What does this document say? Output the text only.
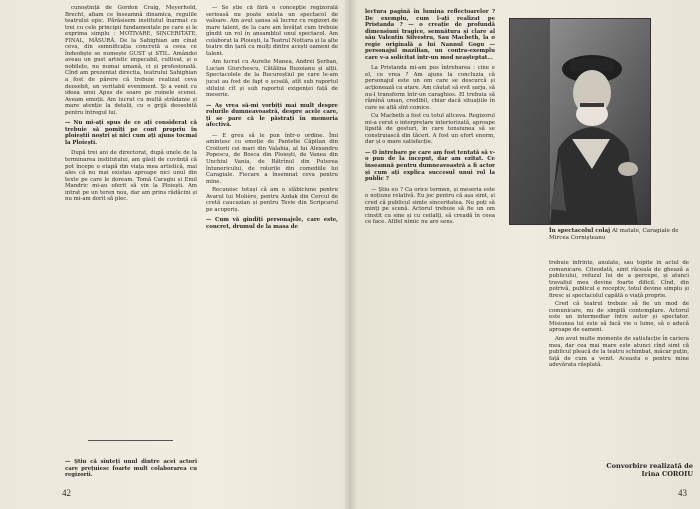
cunoștință de Gordon Craig, Meyerhold, Brecht, afiam ce înseamnă dinamica, regulile teatrului epic. Părăsisem institutul înarmat cu trei cu cele principii fundamentale pe care și le exprima simplu : MOTIVARE, SINCERITATE, FINAL, MĂSURĂ. De la Sahighian am cinat ceva, din semnificația concretă a ceea ce îndeobște se numește GUST și STIL. Amândoi aveau un gust artistic impecabil, cultivat, și o nobilețe, nu numai umană, ci și profesională. Cînd am prezentat directia, teatrului Sahighian a fost de părere că trebuie realizat ceva deosebit, un veritabil eveniment. Și a venit cu ideea unui Apus de soare pe ruinele scenei. Aveam emoții. Am lucrat cu multă strădanie și mare atenție la detalii, cu o grijă deosebită pentru întregul lui.

— Nu mi-ați spus de ce ați considerat că trebuie să pomiți pe cont propriu în ploieștii noștri și nici cum ați ajuns tocmai la Ploiești.

După trei ani de directorat, după unele de la terminarea institutului, am găsit de cuviință că pot începe o etapă din viața mea artistică, mai ales că nu mai existau aproape nici unul din texte pe care le doream. Tomă Caragiu și Emil Mandric mi-au oferit să vin la Ploiești. Am intrat pe un teren nou, dar am prins rădăcini și nu mi-am dorit să plec.

— Știu că sînteți unul dintre acei actori care prețuiesc foarte mult colaborarea cu regizorii.

— Se știe că fără o concepție regizorală serioasă nu poate exista un spectacol de valoare. Am avut șansa să lucrez cu regizori de mare talent, de la care am învățat cum trebuie gîndit un rol în ansamblul unui spectacol. Am colaborat la Ploiești, la Teatrul Nottara și la alte teatre din țară cu mulți dintre acești oameni de talent.

Am lucrat cu Aurelie Manea, Andrei Șerban, Lucian Giurchescu, Cătălina Buzoianu și alții. Spectacolele de la Bucureștiul pe care le-am jucat au fost de fapt o școală, atît sub raportul stilului cît și sub raportul exigenței față de meserie.

— Aș vrea să-mi vorbiți mai mult despre rolurile dumneavoastră, despre acele care, ți se pare că le păstrați în memoria afectivă.

— E greu să le pun într-o ordine. Îmi amintesc cu emoție de Pantelie Căpitan din Croitorii cei mari din Valahia, al lui Alexandru Popescu, de Bosca din Ploiești, de Vanea din Unchiul Vania, de Bătrînul din Puterea întunericului, de rolurile din comediile lui Caragiale. Fiecare a însemnat ceva pentru mine.

Recunosc totuși că am o slăbiciune pentru Avarul lui Molière, pentru Azdak din Cercul de cretă caucazian și pentru Tevie din Scripcarul pe acoperiș.

— Cum vă gîndiți personajele, care este, concret, drumul de la masa de

42

lectura pagină în lumina reflectoarelor ? De exemplu, cum l-ați realizat pe Pristanda ? — o creație de profundă dimensiuni tragice, semnătura și clare al său Valentin Silvestru, Sau Macbeth, la o regie originală a lui Nannul Gogu — personajul mazilian, un contra-exemplu care v-a solicitat într-un mod neașteptat...

La Pristanda mi-am pus întrebarea : cine e el, ce vrea ? Am ajuns la concluzia că personajul este un om care se descurcă și acționează ca atare. Am căutat să evit șarja, să nu-l transform într-un caraghios. El trebuia să rămînă uman, credibil, chiar dacă situațiile în care se află sînt comice.

Cu Macbeth a fost cu totul altceva. Regizorul mi-a cerut o interpretare interiorizată, aproape lipsită de gesturi, în care tensiunea să se construiască din tăceri. A fost un efort enorm, dar și o mare satisfacție.

— O întrebare pe care am fost tentată să v-o pun de la început, dar am ezitat. Ce înseamnă pentru dumneavoastră a fi actor și cum ați explica succesul unui rol la public ?

— Știu eu ? Ca orice termen, și meseria este o noțiune relativă. Eu joc pentru că așa simt, și cred că publicul simte sinceritatea. Nu poți să minți pe scenă. Actorul trebuie să fie un om cinstit cu sine și cu ceilalți, să creadă în ceea ce face. Altfel nimic nu are sens.

În spectacolul colaj Al matale, Caragiale de Mircea Cornișteanu

trebuie înfrînte, anulate, sau topite în actul de comunicare. Citeodată, simt răceala de ghează a publicului, refuzul lui de a percepe, și atunci travaliul meu devine foarte dificil. Cînd, din potrivă, publicul e receptiv, totul devine simplu și firesc și spectacolul capătă o viață proprie.

Cred că teatrul trebuie să fie un mod de comunicare, nu de simplă contemplare. Actorul este un intermediar între autor și spectator. Misiunea lui este să facă vie o lume, să o aducă aproape de oameni.

Am avut multe momente de satisfacție în cariera mea, dar cea mai mare este atunci cînd simt că publicul pleacă de la teatru schimbat, măcar puțin, față de cum a venit. Aceasta e pentru mine adevărata răsplată.

Convorbire realizată de
Irina COROIU
43
